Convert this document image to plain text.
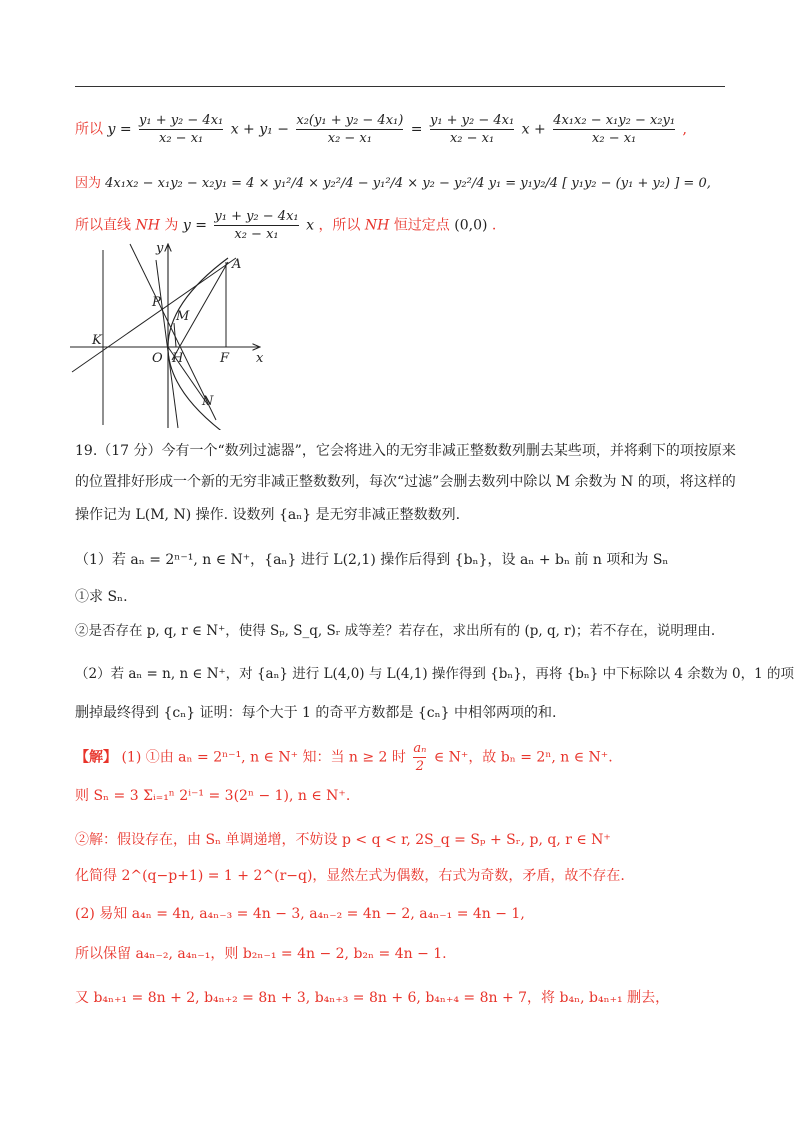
所以 $y = \frac{\text{y₁ + y₂ − 4x₁}}{\text{x₂ − x₁}}$ $x + y_1 - \frac{\text{x₂(y₁ + y₂ − 4x₁)}}{\text{x₂ − x₁}} = \frac{\text{y₁ + y₂ − 4x₁}}{\text{x₂ − x₁}}$ $x + \frac{\text{4x₁x₂ − x₁y₂ − x₂y₁}}{\text{x₂ − x₁}}$ ,
因为 4x₁x₂ − x₁y₂ − x₂y₁ = 4 × y₁²/4 × y₂²/4 − y₁²/4 × y₂ − y₂²/4 y₁ = y₁y₂/4 [ y₁y₂ − (y₁ + y₂) ] = 0,
所以直线 NH 为 $y = \frac{\text{y₁ + y₂ − 4x₁}}{\text{x₂ − x₁}}$ x ，所以 NH 恒过定点 (0,0) .
y
x
A
P
M
K
O H	F
N
19.（17 分）今有一个“数列过滤器”，它会将进入的无穷非减正整数数列删去某些项，并将剩下的项按原来
的位置排好形成一个新的无穷非减正整数数列，每次“过滤”会删去数列中除以 M 余数为 N 的项，将这样的
操作记为 L(M, N) 操作. 设数列 {aₙ} 是无穷非减正整数数列.
（1）若 aₙ = 2ⁿ⁻¹, n ∈ N⁺，{aₙ} 进行 L(2,1) 操作后得到 {bₙ}，设 aₙ + bₙ 前 n 项和为 Sₙ
①求 Sₙ.
②是否存在 p, q, r ∈ N⁺，使得 Sₚ, S_q, Sᵣ 成等差？若存在，求出所有的 (p, q, r)；若不存在，说明理由.
（2）若 aₙ = n, n ∈ N⁺，对 {aₙ} 进行 L(4,0) 与 L(4,1) 操作得到 {bₙ}，再将 {bₙ} 中下标除以 4 余数为 0，1 的项
删掉最终得到 {cₙ} 证明：每个大于 1 的奇平方数都是 {cₙ} 中相邻两项的和.
【解】 (1) ①由 aₙ = 2ⁿ⁻¹, n ∈ N⁺ 知：当 n ≥ 2 时 $\frac{\text{aₙ}}{2}$ ∈ N⁺，故 bₙ = 2ⁿ, n ∈ N⁺.
则 Sₙ = 3 Σᵢ₌₁ⁿ 2ⁱ⁻¹ = 3(2ⁿ − 1), n ∈ N⁺.
②解：假设存在，由 Sₙ 单调递增，不妨设 p < q < r, 2S_q = Sₚ + Sᵣ, p, q, r ∈ N⁺
化简得 2^(q−p+1) = 1 + 2^(r−q)，显然左式为偶数，右式为奇数，矛盾，故不存在.
(2) 易知 a₄ₙ = 4n, a₄ₙ₋₃ = 4n − 3, a₄ₙ₋₂ = 4n − 2, a₄ₙ₋₁ = 4n − 1,
所以保留 a₄ₙ₋₂, a₄ₙ₋₁，则 b₂ₙ₋₁ = 4n − 2, b₂ₙ = 4n − 1.
又 b₄ₙ₊₁ = 8n + 2, b₄ₙ₊₂ = 8n + 3, b₄ₙ₊₃ = 8n + 6, b₄ₙ₊₄ = 8n + 7，将 b₄ₙ, b₄ₙ₊₁ 删去，
